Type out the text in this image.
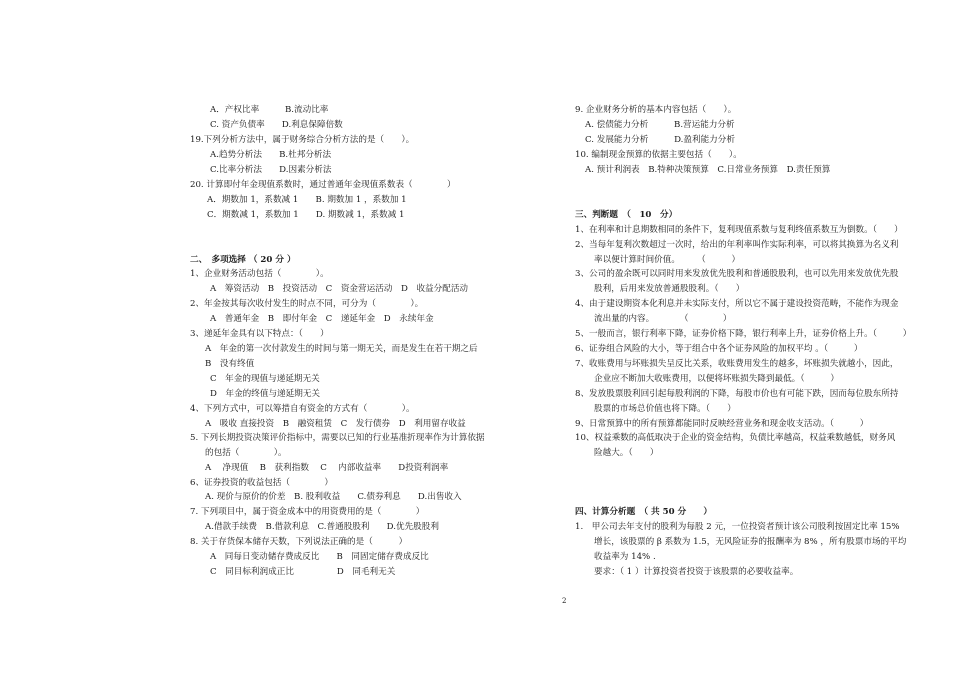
A．产权比率　　　B.流动比率
C. 资产负债率　　D.利息保障倍数
19.下列分析方法中，属于财务综合分析方法的是（　　）。
A.趋势分析法　　B.杜邦分析法
C.比率分析法　　D.因素分析法
20. 计算即付年金现值系数时，通过普通年金现值系数表（　　　　）
A．期数加 1，系数减 1　　B. 期数加 1 ，系数加 1
C．期数减 1，系数加 1　　D. 期数减 1，系数减 1
二、　多项选择 （ 20 分 ）
1、企业财务活动包括（　　　　）。
A　筹资活动　B　投资活动　C　资金营运活动　D　收益分配活动
2、年金按其每次收付发生的时点不同，可分为（　　　　）。
A　普通年金　B　即付年金　C　递延年金　D　永续年金
3、递延年金具有以下特点：（　　）
A　年金的第一次付款发生的时间与第一期无关，而是发生在若干期之后
B　没有终值
C　年金的现值与递延期无关
D　年金的终值与递延期无关
4、下列方式中，可以筹措自有资金的方式有（　　　　）。
A　吸收 直接投资　B　融资租赁　C　发行债券　D　利用留存收益
5. 下列长期投资决策评价指标中，需要以已知的行业基准折现率作为计算依据
的包括（　　　　）。
A　 净现值　 B　获利指数　 C　 内部收益率　　D投资利润率
6、证券投资的收益包括（　　　　）
A. 现价与原价的价差　B. 股利收益　　C.债券利息　　D.出售收入
7. 下列项目中，属于资金成本中的用资费用的是（　　　　）
A.借款手续费　B.借款利息　C.普通股股利　　D.优先股股利
8. 关于存货保本储存天数，下列说法正确的是（　　　）
A　同每日变动储存费成反比　　B　同固定储存费成反比
C　同目标利润成正比　　　　　D　同毛利无关
9. 企业财务分析的基本内容包括（　　）。
A. 偿债能力分析　　　B.营运能力分析
C. 发展能力分析　　　D.盈利能力分析
10. 编制现金预算的依据主要包括（　　）。
A. 预计利润表　B.特种决策预算　C.日常业务预算　D.责任预算
三、判断题　（　10　分）
1、在利率和计息期数相同的条件下，复利现值系数与复利终值系数互为倒数。（　　）
2、当每年复利次数超过一次时，给出的年利率叫作实际利率，可以将其换算为名义利
率以便计算时间价值。　　　（　　　）
3、公司的盈余既可以同时用来发放优先股利和普通股股利，也可以先用来发放优先股
股利，后用来发放普通股股利。（　　）
4、由于建设期资本化利息并未实际支付，所以它不属于建设投资范畴，不能作为现金
流出量的内容。　　　　（　　　　）
5、一般而言，银行利率下降，证券价格下降，银行利率上升，证券价格上升。（　　　）
6、证券组合风险的大小，等于组合中各个证券风险的加权平均 。（　　　）
7、收账费用与坏账损失呈反比关系，收账费用发生的越多，坏账损失就越小，因此，
企业应不断加大收账费用，以便将坏账损失降到最低。（　　　）
8、发放股票股利回引起每股利润的下降，每股市价也有可能下跌，因而每位股东所持
股票的市场总价值也将下降。（　　）
9、日常预算中的所有预算都能同时反映经营业务和现金收支活动。（　　　）
10、权益乘数的高低取决于企业的资金结构，负债比率越高，权益乘数越低，财务风
险越大。（　　）
四、计算分析题　（ 共 50 分　　）
1.　甲公司去年支付的股利为每股 2 元，一位投资者预计该公司股利按固定比率 15%
增长，该股票的 β 系数为 1.5，无风险证券的报酬率为 8% ，所有股票市场的平均
收益率为 14% .
要求：（ 1 ）计算投资者投资于该股票的必要收益率。
2
